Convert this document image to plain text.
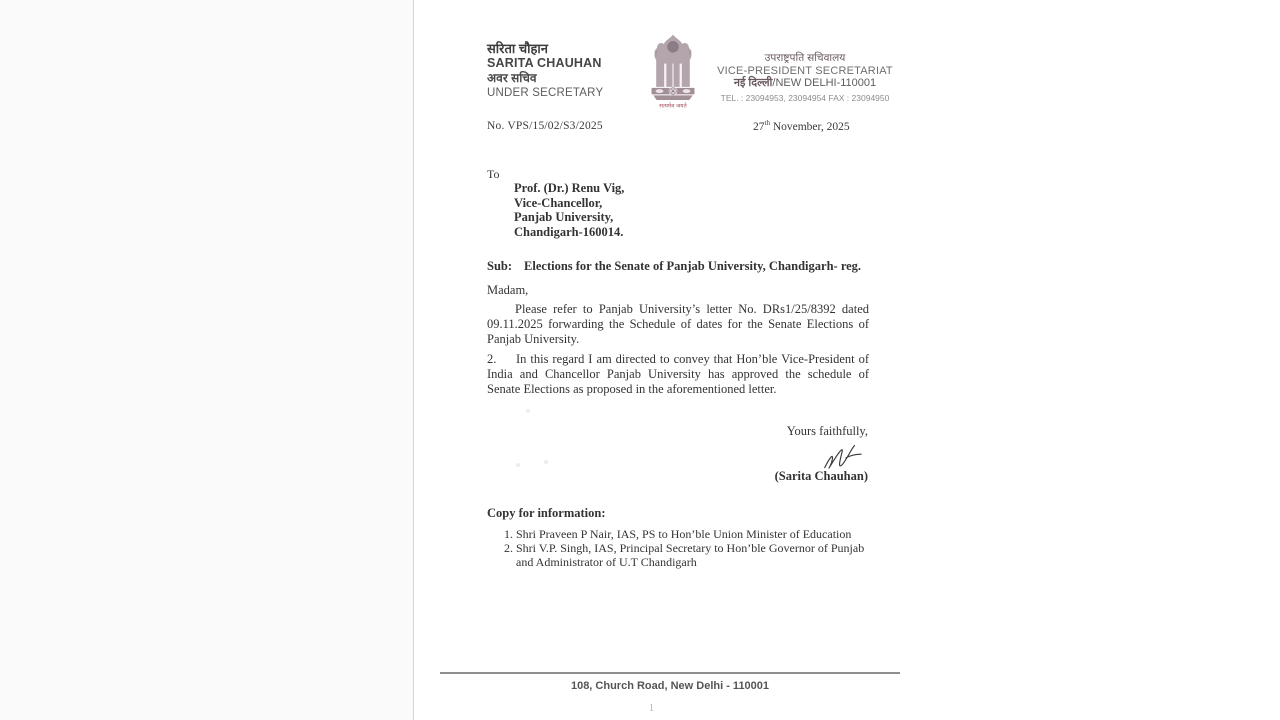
सरिता चौहान
SARITA CHAUHAN
अवर सचिव
UNDER SECRETARY
सत्यमेव जयते
उपराष्ट्रपति सचिवालय
VICE-PRESIDENT SECRETARIAT
नई दिल्ली/NEW DELHI-110001
TEL. : 23094953, 23094954 FAX : 23094950
No. VPS/15/02/S3/2025	27th November, 2025
To
Prof. (Dr.) Renu Vig,
Vice-Chancellor,
Panjab University,
Chandigarh-160014.
Sub: Elections for the Senate of Panjab University, Chandigarh- reg.
Madam,

Please refer to Panjab University’s letter No. DRs1/25/8392 dated 09.11.2025 forwarding the Schedule of dates for the Senate Elections of Panjab University.

2. In this regard I am directed to convey that Hon’ble Vice-President of India and Chancellor Panjab University has approved the schedule of Senate Elections as proposed in the aforementioned letter.

Yours faithfully,
(Sarita Chauhan)
Copy for information:
1. Shri Praveen P Nair, IAS, PS to Hon’ble Union Minister of Education
2. Shri V.P. Singh, IAS, Principal Secretary to Hon’ble Governor of Punjab and Administrator of U.T Chandigarh
108, Church Road, New Delhi - 110001
1
